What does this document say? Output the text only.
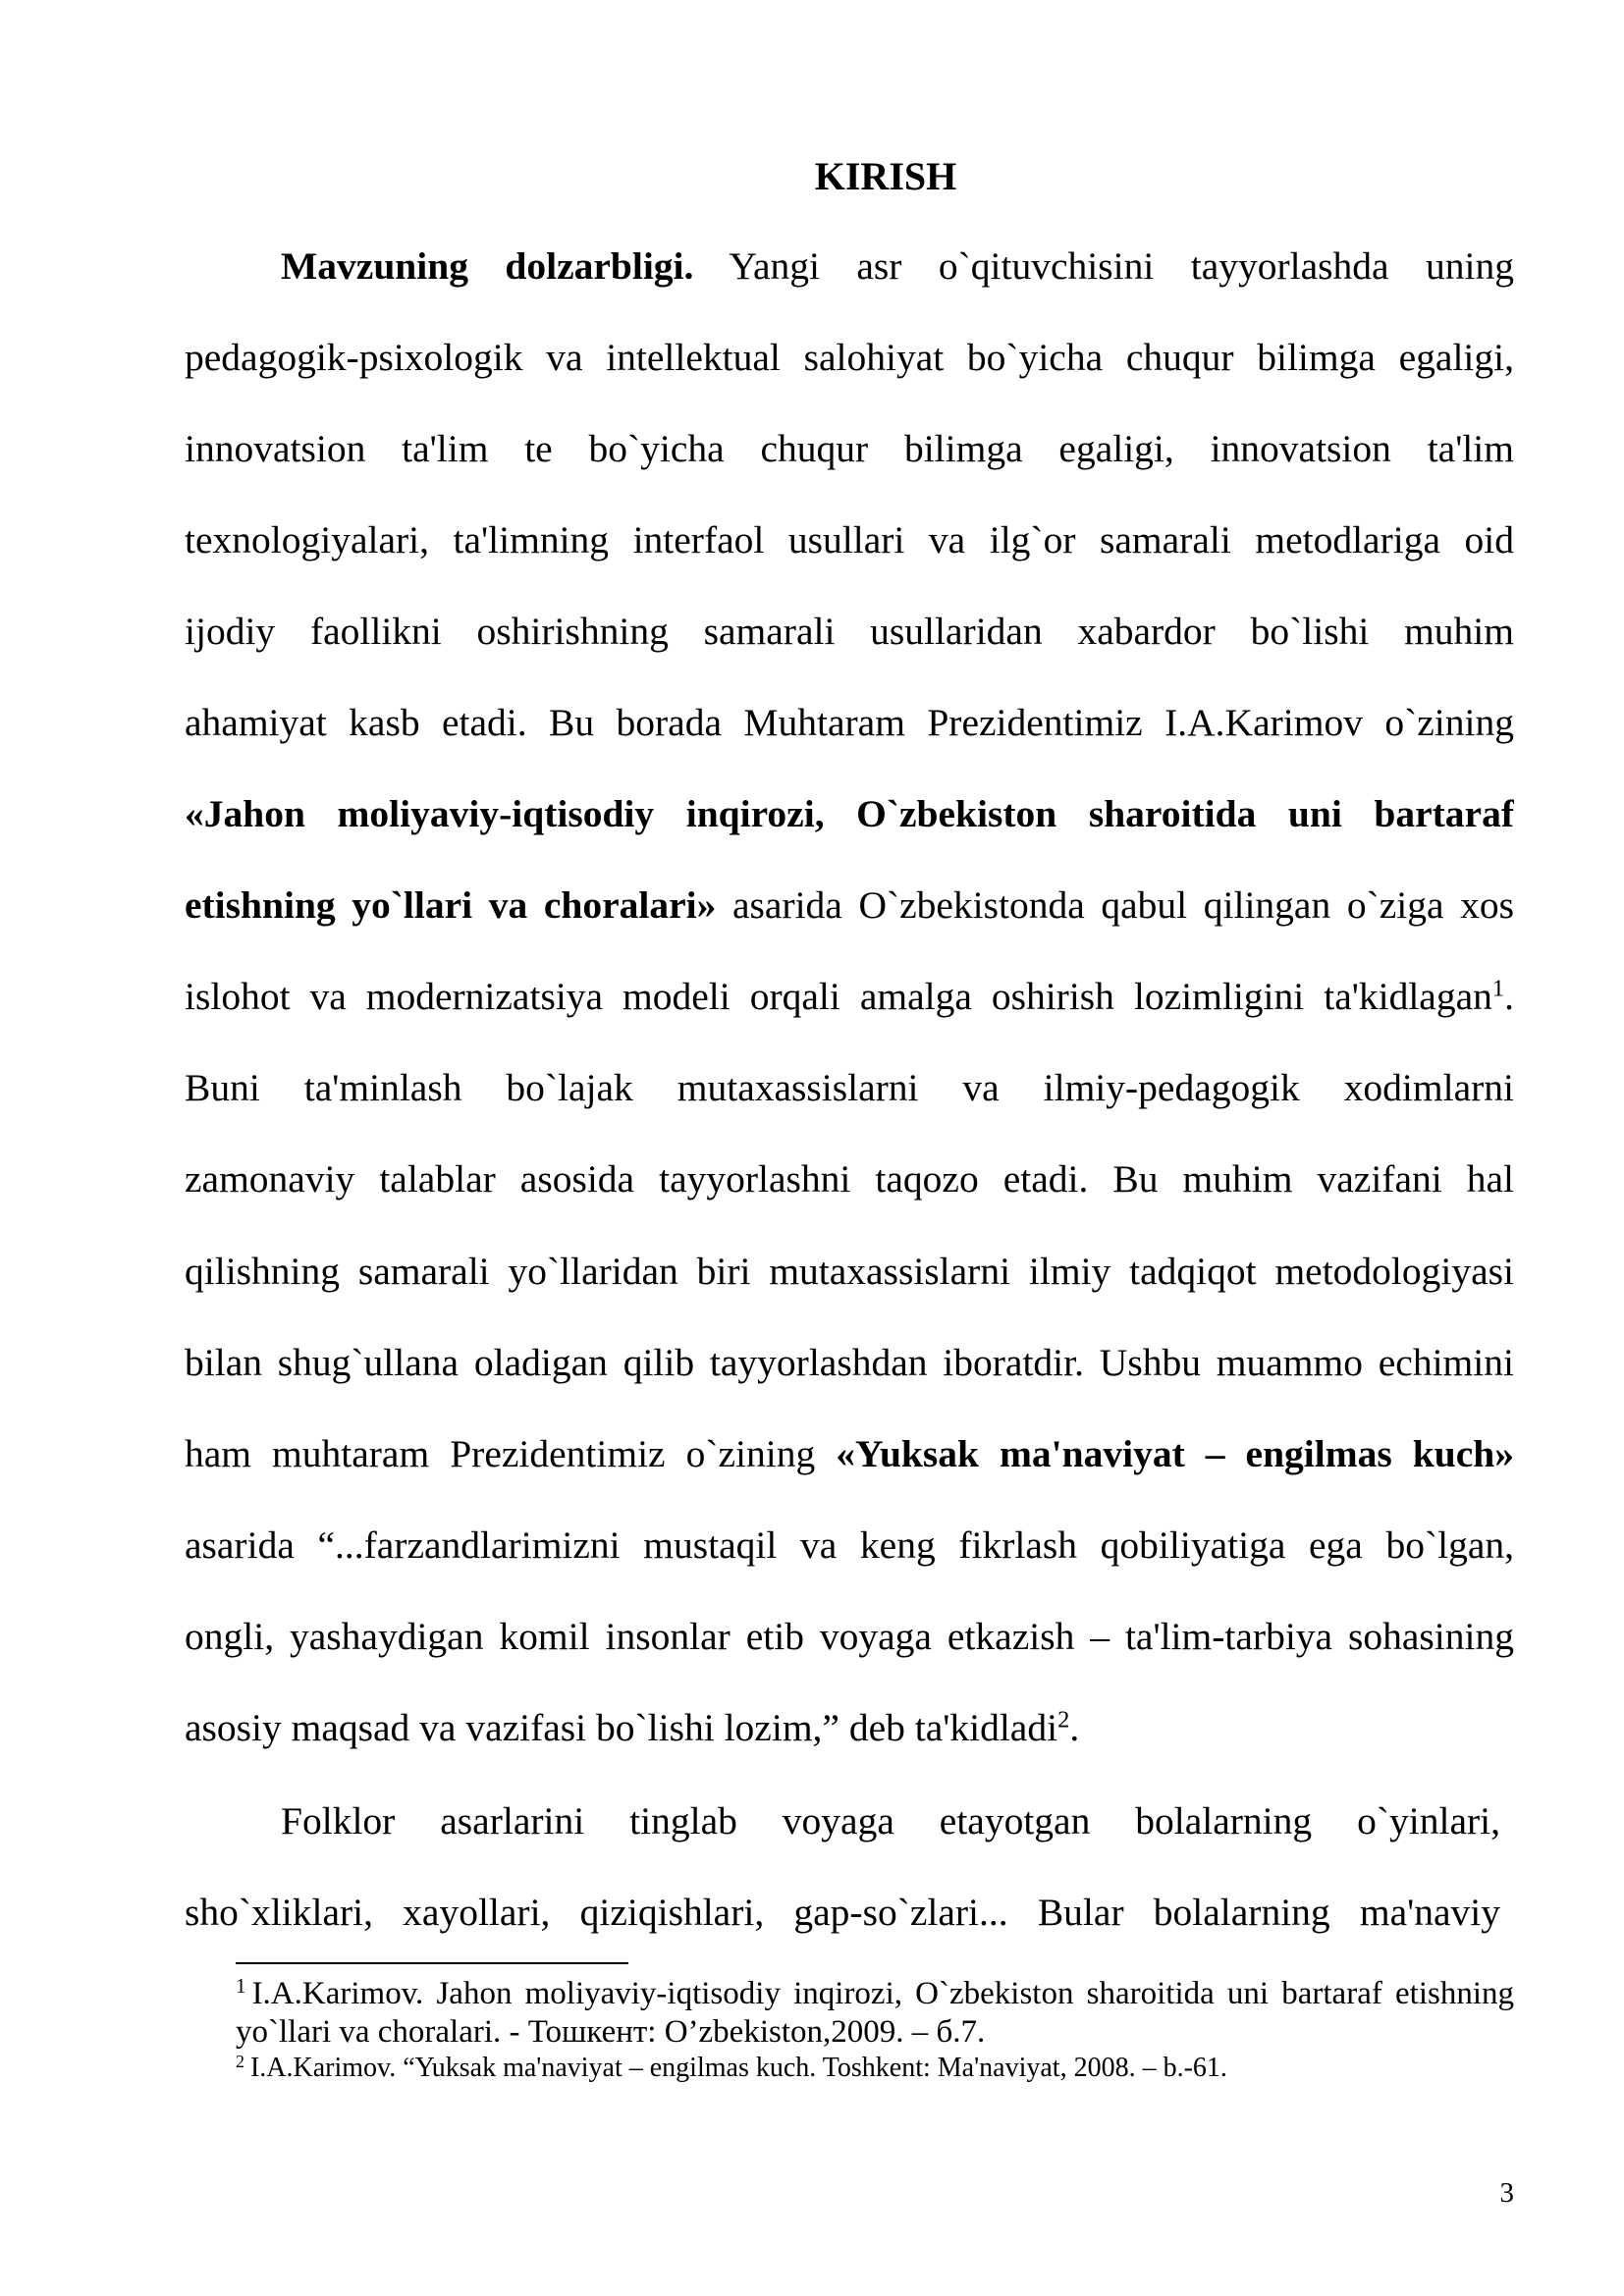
KIRISH
Mavzuning dolzarbligi. Yangi asr o`qituvchisini tayyorlashda uning
pedagogik-psixologik va intellektual salohiyat bo`yicha chuqur bilimga egaligi,
innovatsion ta'lim te bo`yicha chuqur bilimga egaligi, innovatsion ta'lim
texnologiyalari, ta'limning interfaol usullari va ilg`or samarali metodlariga oid
ijodiy faollikni oshirishning samarali usullaridan xabardor bo`lishi muhim
ahamiyat kasb etadi. Bu borada Muhtaram Prezidentimiz I.A.Karimov o`zining
«Jahon moliyaviy-iqtisodiy inqirozi, O`zbekiston sharoitida uni bartaraf
etishning yo`llari va choralari» asarida O`zbekistonda qabul qilingan o`ziga xos
islohot va modernizatsiya modeli orqali amalga oshirish lozimligini ta'kidlagan$^1$.
Buni ta'minlash bo`lajak mutaxassislarni va ilmiy-pedagogik xodimlarni
zamonaviy talablar asosida tayyorlashni taqozo etadi. Bu muhim vazifani hal
qilishning samarali yo`llaridan biri mutaxassislarni ilmiy tadqiqot metodologiyasi
bilan shug`ullana oladigan qilib tayyorlashdan iboratdir. Ushbu muammo echimini
ham muhtaram Prezidentimiz o`zining «Yuksak ma'naviyat – engilmas kuch»
asarida “...farzandlarimizni mustaqil va keng fikrlash qobiliyatiga ega bo`lgan,
ongli, yashaydigan komil insonlar etib voyaga etkazish – ta'lim-tarbiya sohasining
asosiy maqsad va vazifasi bo`lishi lozim,” deb ta'kidladi$^2$.
Folklor asarlarini tinglab voyaga etayotgan bolalarning o`yinlari,
sho`xliklari, xayollari, qiziqishlari, gap-so`zlari... Bular bolalarning ma'naviy
$^1$ I.A.Karimov. Jahon moliyaviy-iqtisodiy inqirozi, O`zbekiston sharoitida uni bartaraf etishning
yo`llari va choralari. - Тошкент: O’zbekiston,2009. – б.7.
$^2$ I.A.Karimov. “Yuksak ma'naviyat – engilmas kuch. Toshkent: Ma'naviyat, 2008. – b.-61.
3
